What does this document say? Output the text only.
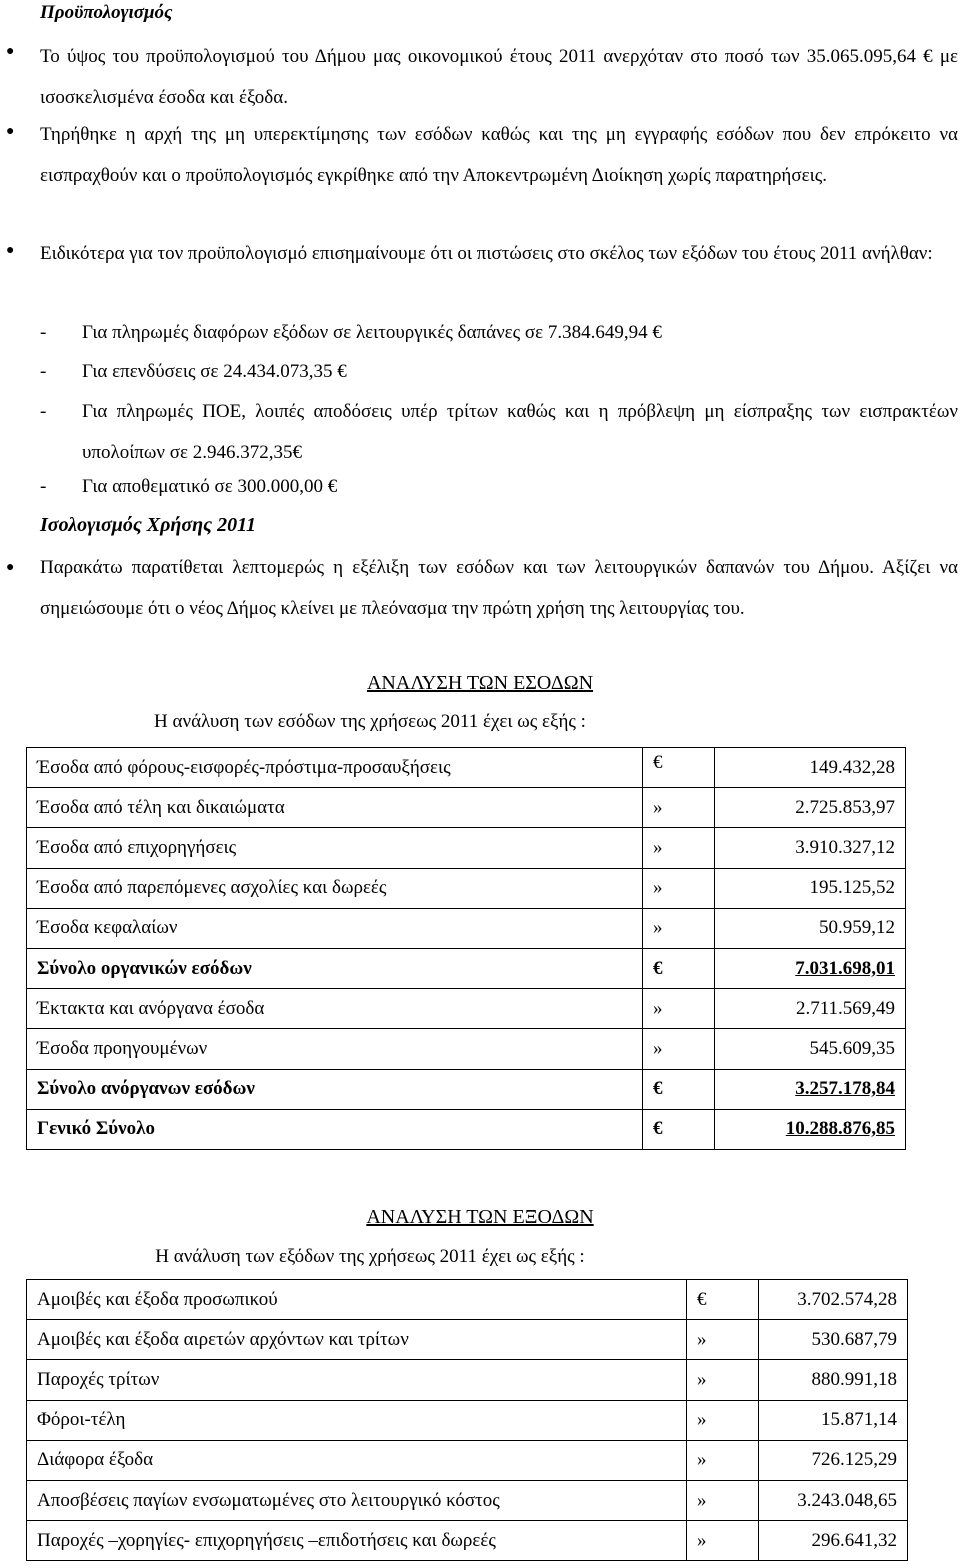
Προϋπολογισμός
● Το ύψος του προϋπολογισμού του Δήμου μας οικονομικού έτους 2011 ανερχόταν στο ποσό των 35.065.095,64 € με ισοσκελισμένα έσοδα και έξοδα.
● Τηρήθηκε η αρχή της μη υπερεκτίμησης των εσόδων καθώς και της μη εγγραφής εσόδων που δεν επρόκειτο να εισπραχθούν και ο προϋπολογισμός εγκρίθηκε από την Αποκεντρωμένη Διοίκηση χωρίς παρατηρήσεις.
● Ειδικότερα για τον προϋπολογισμό επισημαίνουμε ότι οι πιστώσεις στο σκέλος των εξόδων του έτους 2011 ανήλθαν:
-	Για πληρωμές διαφόρων εξόδων σε λειτουργικές δαπάνες σε 7.384.649,94 €
-	Για επενδύσεις σε 24.434.073,35 €
-	Για πληρωμές ΠΟΕ, λοιπές αποδόσεις υπέρ τρίτων καθώς και η πρόβλεψη μη είσπραξης των εισπρακτέων υπολοίπων σε 2.946.372,35€
-	Για αποθεματικό σε 300.000,00 €
Ισολογισμός Χρήσης 2011
● Παρακάτω παρατίθεται λεπτομερώς η εξέλιξη των εσόδων και των λειτουργικών δαπανών του Δήμου. Αξίζει να σημειώσουμε ότι ο νέος Δήμος κλείνει με πλεόνασμα την πρώτη χρήση της λειτουργίας του.
ΑΝΑΛΥΣΗ ΤΩΝ ΕΣΟΔΩΝ
Η ανάλυση των εσόδων της χρήσεως 2011 έχει ως εξής :
Έσοδα από φόρους-εισφορές-πρόστιμα-προσαυξήσεις	€	149.432,28
Έσοδα από τέλη και δικαιώματα	»	2.725.853,97
Έσοδα από επιχορηγήσεις	»	3.910.327,12
Έσοδα από παρεπόμενες ασχολίες και δωρεές	»	195.125,52
Έσοδα κεφαλαίων	»	50.959,12
Σύνολο οργανικών εσόδων	€	7.031.698,01
Έκτακτα και ανόργανα έσοδα	»	2.711.569,49
Έσοδα προηγουμένων	»	545.609,35
Σύνολο ανόργανων εσόδων	€	3.257.178,84
Γενικό Σύνολο	€	10.288.876,85
ΑΝΑΛΥΣΗ ΤΩΝ ΕΞΟΔΩΝ
Η ανάλυση των εξόδων της χρήσεως 2011 έχει ως εξής :
Αμοιβές και έξοδα προσωπικού	€	3.702.574,28
Αμοιβές και έξοδα αιρετών αρχόντων και τρίτων	»	530.687,79
Παροχές τρίτων	»	880.991,18
Φόροι-τέλη	»	15.871,14
Διάφορα έξοδα	»	726.125,29
Αποσβέσεις παγίων ενσωματωμένες στο λειτουργικό κόστος	»	3.243.048,65
Παροχές –χορηγίες- επιχορηγήσεις –επιδοτήσεις και δωρεές	»	296.641,32
